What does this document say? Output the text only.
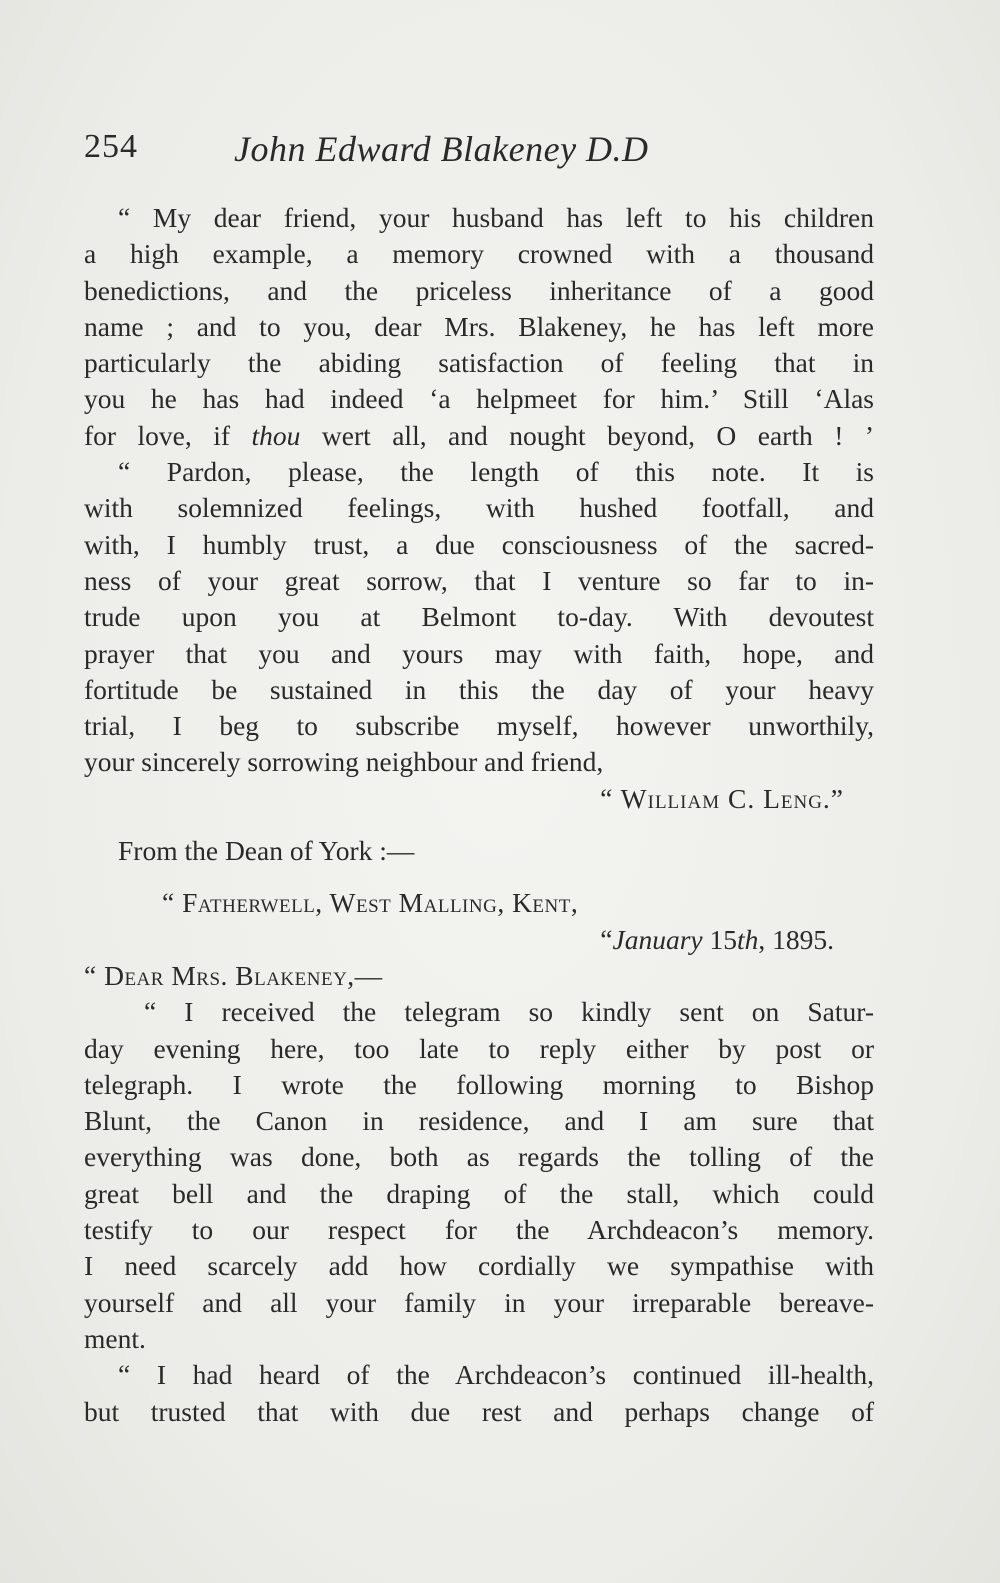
254	John Edward Blakeney D.D
“ My dear friend, your husband has left to his children
a high example, a memory crowned with a thousand
benedictions, and the priceless inheritance of a good
name ; and to you, dear Mrs. Blakeney, he has left more
particularly the abiding satisfaction of feeling that in
you he has had indeed ‘a helpmeet for him.’ Still ‘Alas
for love, if thou wert all, and nought beyond, O earth ! ’
“ Pardon, please, the length of this note. It is
with solemnized feelings, with hushed footfall, and
with, I humbly trust, a due consciousness of the sacred-
ness of your great sorrow, that I venture so far to in-
trude upon you at Belmont to-day. With devoutest
prayer that you and yours may with faith, hope, and
fortitude be sustained in this the day of your heavy
trial, I beg to subscribe myself, however unworthily,
your sincerely sorrowing neighbour and friend,
“ William C. Leng.”
From the Dean of York :—
“ Fatherwell, West Malling, Kent,
“January 15th, 1895.
“ Dear Mrs. Blakeney,—
“ I received the telegram so kindly sent on Satur-
day evening here, too late to reply either by post or
telegraph. I wrote the following morning to Bishop
Blunt, the Canon in residence, and I am sure that
everything was done, both as regards the tolling of the
great bell and the draping of the stall, which could
testify to our respect for the Archdeacon’s memory.
I need scarcely add how cordially we sympathise with
yourself and all your family in your irreparable bereave-
ment.
“ I had heard of the Archdeacon’s continued ill-health,
but trusted that with due rest and perhaps change of
